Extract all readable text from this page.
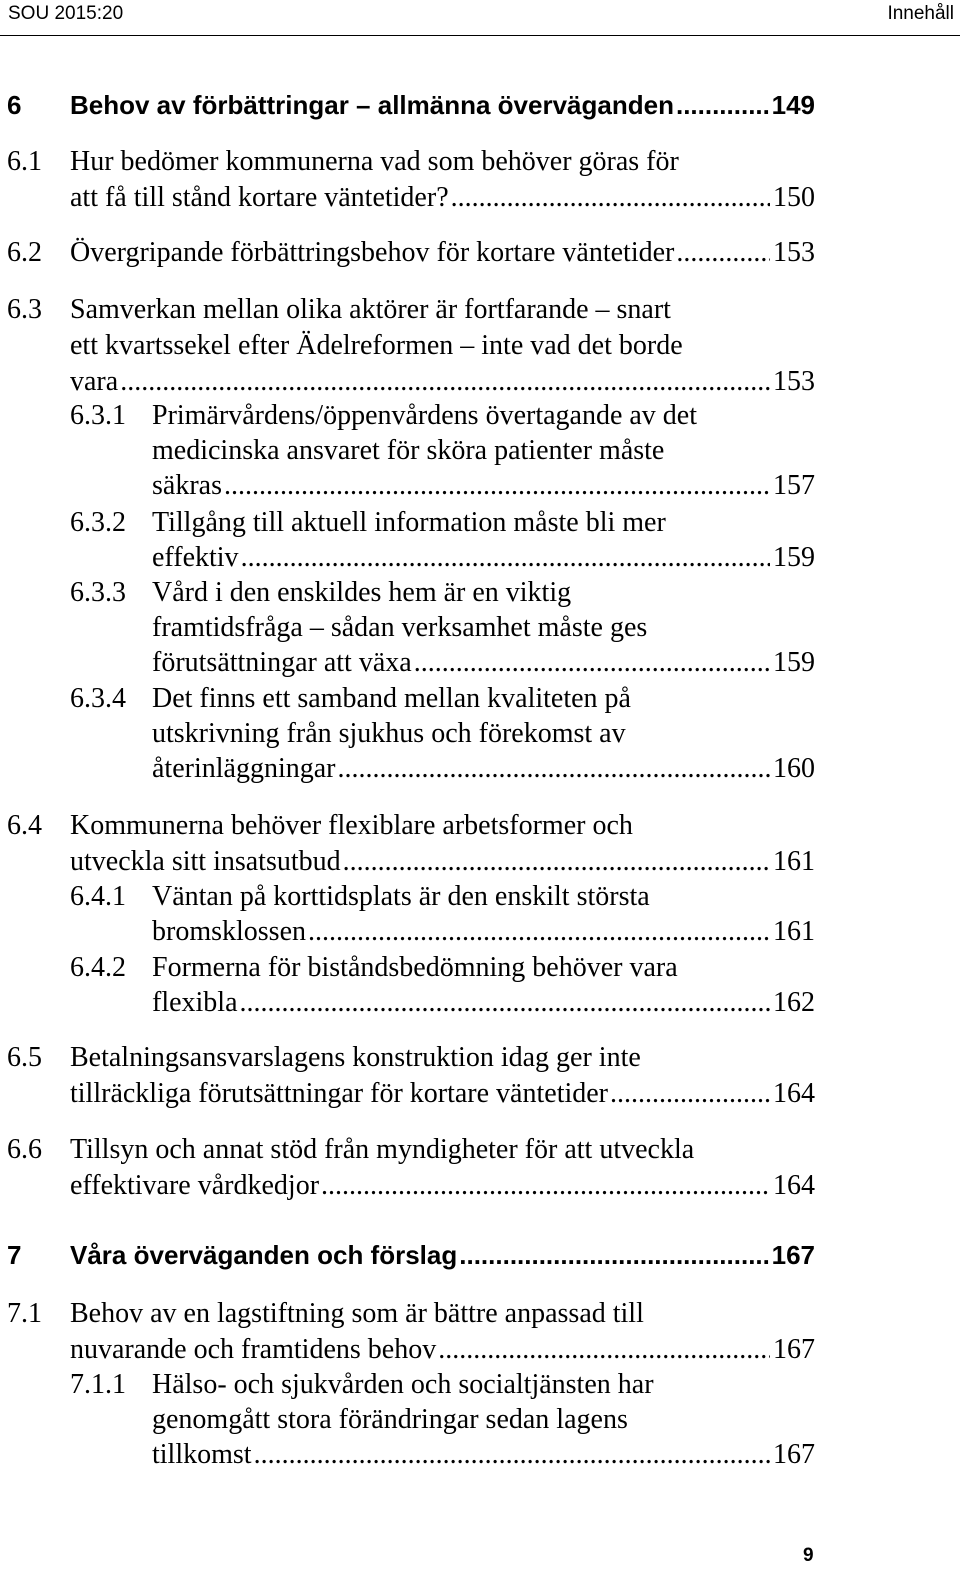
SOU 2015:20	Innehåll
6 Behov av förbättringar – allmänna överväganden .....	149
6.1 Hur bedömer kommunerna vad som behöver göras för
att få till stånd kortare väntetider? .....	150
6.2 Övergripande förbättringsbehov för kortare väntetider .....	153
6.3 Samverkan mellan olika aktörer är fortfarande – snart
ett kvartssekel efter Ädelreformen – inte vad det borde
vara .....	153
6.3.1 Primärvårdens/öppenvårdens övertagande av det
medicinska ansvaret för sköra patienter måste
säkras .....	157
6.3.2 Tillgång till aktuell information måste bli mer
effektiv .....	159
6.3.3 Vård i den enskildes hem är en viktig
framtidsfråga – sådan verksamhet måste ges
förutsättningar att växa .....	159
6.3.4 Det finns ett samband mellan kvaliteten på
utskrivning från sjukhus och förekomst av
återinläggningar .....	160
6.4 Kommunerna behöver flexiblare arbetsformer och
utveckla sitt insatsutbud .....	161
6.4.1 Väntan på korttidsplats är den enskilt största
bromsklossen .....	161
6.4.2 Formerna för biståndsbedömning behöver vara
flexibla .....	162
6.5 Betalningsansvarslagens konstruktion idag ger inte
tillräckliga förutsättningar för kortare väntetider .....	164
6.6 Tillsyn och annat stöd från myndigheter för att utveckla
effektivare vårdkedjor .....	164
7 Våra överväganden och förslag .....	167
7.1 Behov av en lagstiftning som är bättre anpassad till
nuvarande och framtidens behov .....	167
7.1.1 Hälso- och sjukvården och socialtjänsten har
genomgått stora förändringar sedan lagens
tillkomst .....	167
9
